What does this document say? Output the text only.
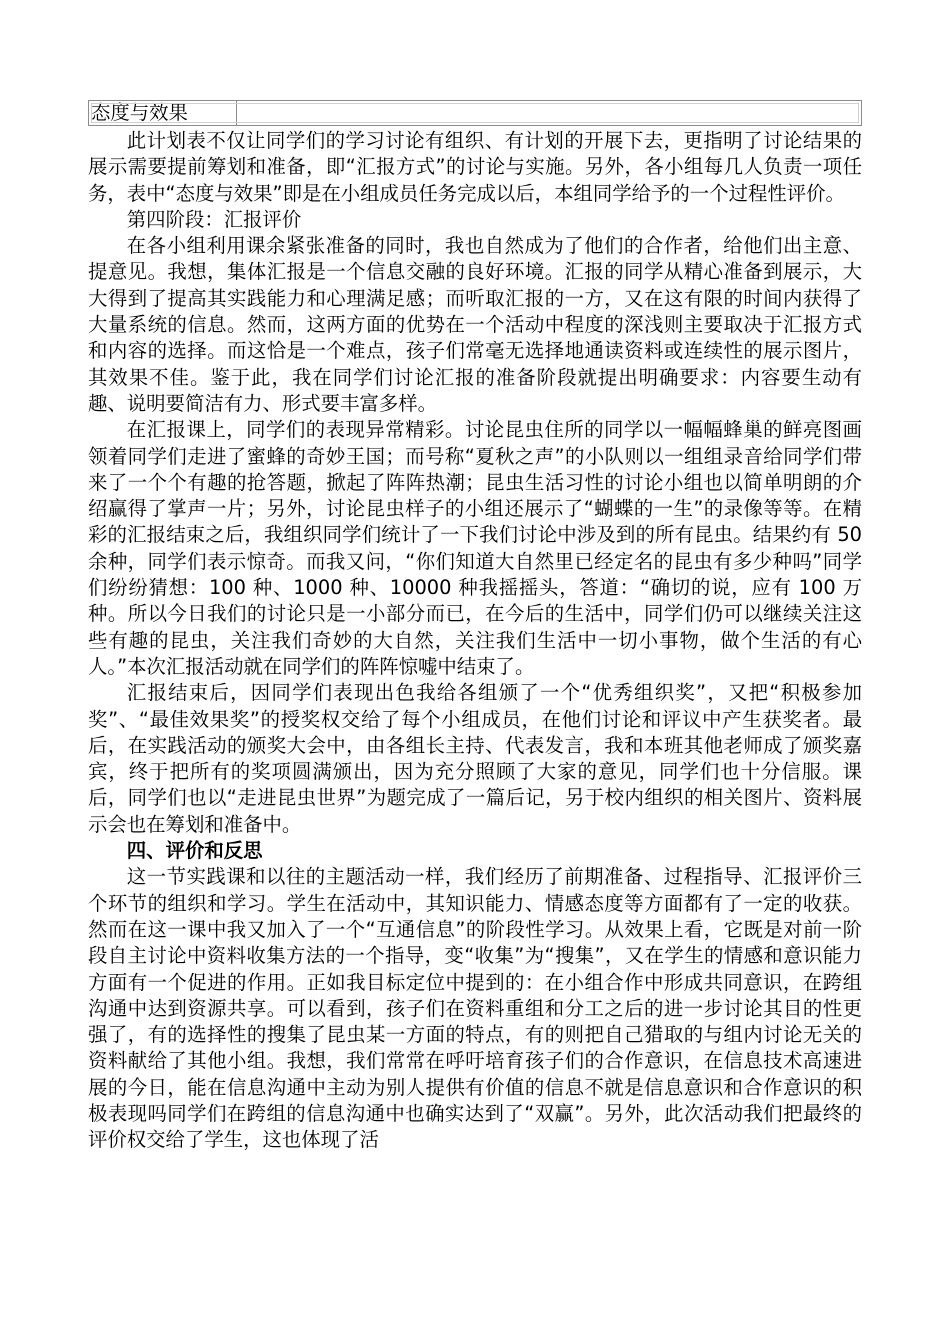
态度与效果

此计划表不仅让同学们的学习讨论有组织、有计划的开展下去，更指明了讨论结果的展示需要提前筹划和准备，即“汇报方式”的讨论与实施。另外，各小组每几人负责一项任务，表中“态度与效果”即是在小组成员任务完成以后，本组同学给予的一个过程性评价。

第四阶段：汇报评价

在各小组利用课余紧张准备的同时，我也自然成为了他们的合作者，给他们出主意、提意见。我想，集体汇报是一个信息交融的良好环境。汇报的同学从精心准备到展示，大大得到了提高其实践能力和心理满足感；而听取汇报的一方，又在这有限的时间内获得了大量系统的信息。然而，这两方面的优势在一个活动中程度的深浅则主要取决于汇报方式和内容的选择。而这恰是一个难点，孩子们常毫无选择地通读资料或连续性的展示图片，其效果不佳。鉴于此，我在同学们讨论汇报的准备阶段就提出明确要求：内容要生动有趣、说明要简洁有力、形式要丰富多样。

在汇报课上，同学们的表现异常精彩。讨论昆虫住所的同学以一幅幅蜂巢的鲜亮图画领着同学们走进了蜜蜂的奇妙王国；而号称“夏秋之声”的小队则以一组组录音给同学们带来了一个个有趣的抢答题，掀起了阵阵热潮；昆虫生活习性的讨论小组也以简单明朗的介绍赢得了掌声一片；另外，讨论昆虫样子的小组还展示了“蝴蝶的一生”的录像等等。在精彩的汇报结束之后，我组织同学们统计了一下我们讨论中涉及到的所有昆虫。结果约有 50 余种，同学们表示惊奇。而我又问，“你们知道大自然里已经定名的昆虫有多少种吗”同学们纷纷猜想：100 种、1000 种、10000 种我摇摇头，答道：“确切的说，应有 100 万种。所以今日我们的讨论只是一小部分而已，在今后的生活中，同学们仍可以继续关注这些有趣的昆虫，关注我们奇妙的大自然，关注我们生活中一切小事物，做个生活的有心人。”本次汇报活动就在同学们的阵阵惊嘘中结束了。

汇报结束后，因同学们表现出色我给各组颁了一个“优秀组织奖”，又把“积极参加奖”、“最佳效果奖”的授奖权交给了每个小组成员，在他们讨论和评议中产生获奖者。最后，在实践活动的颁奖大会中，由各组长主持、代表发言，我和本班其他老师成了颁奖嘉宾，终于把所有的奖项圆满颁出，因为充分照顾了大家的意见，同学们也十分信服。课后，同学们也以“走进昆虫世界”为题完成了一篇后记，另于校内组织的相关图片、资料展示会也在筹划和准备中。

四、评价和反思

这一节实践课和以往的主题活动一样，我们经历了前期准备、过程指导、汇报评价三个环节的组织和学习。学生在活动中，其知识能力、情感态度等方面都有了一定的收获。然而在这一课中我又加入了一个“互通信息”的阶段性学习。从效果上看，它既是对前一阶段自主讨论中资料收集方法的一个指导，变“收集”为“搜集”，又在学生的情感和意识能力方面有一个促进的作用。正如我目标定位中提到的：在小组合作中形成共同意识，在跨组沟通中达到资源共享。可以看到，孩子们在资料重组和分工之后的进一步讨论其目的性更强了，有的选择性的搜集了昆虫某一方面的特点，有的则把自己猎取的与组内讨论无关的资料献给了其他小组。我想，我们常常在呼吁培育孩子们的合作意识，在信息技术高速进展的今日，能在信息沟通中主动为别人提供有价值的信息不就是信息意识和合作意识的积极表现吗同学们在跨组的信息沟通中也确实达到了“双赢”。另外，此次活动我们把最终的评价权交给了学生，这也体现了活
